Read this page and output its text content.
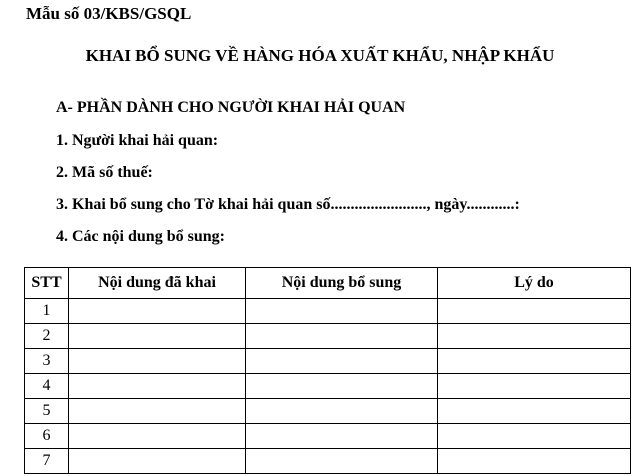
Mẫu số 03/KBS/GSQL
KHAI BỔ SUNG VỀ HÀNG HÓA XUẤT KHẨU, NHẬP KHẨU
A- PHẦN DÀNH CHO NGƯỜI KHAI HẢI QUAN
1. Người khai hải quan:
2. Mã số thuế:
3. Khai bổ sung cho Tờ khai hải quan số........................, ngày............:
4. Các nội dung bổ sung:
STT	Nội dung đã khai	Nội dung bổ sung	Lý do
1			
2			
3			
4			
5			
6			
7			
